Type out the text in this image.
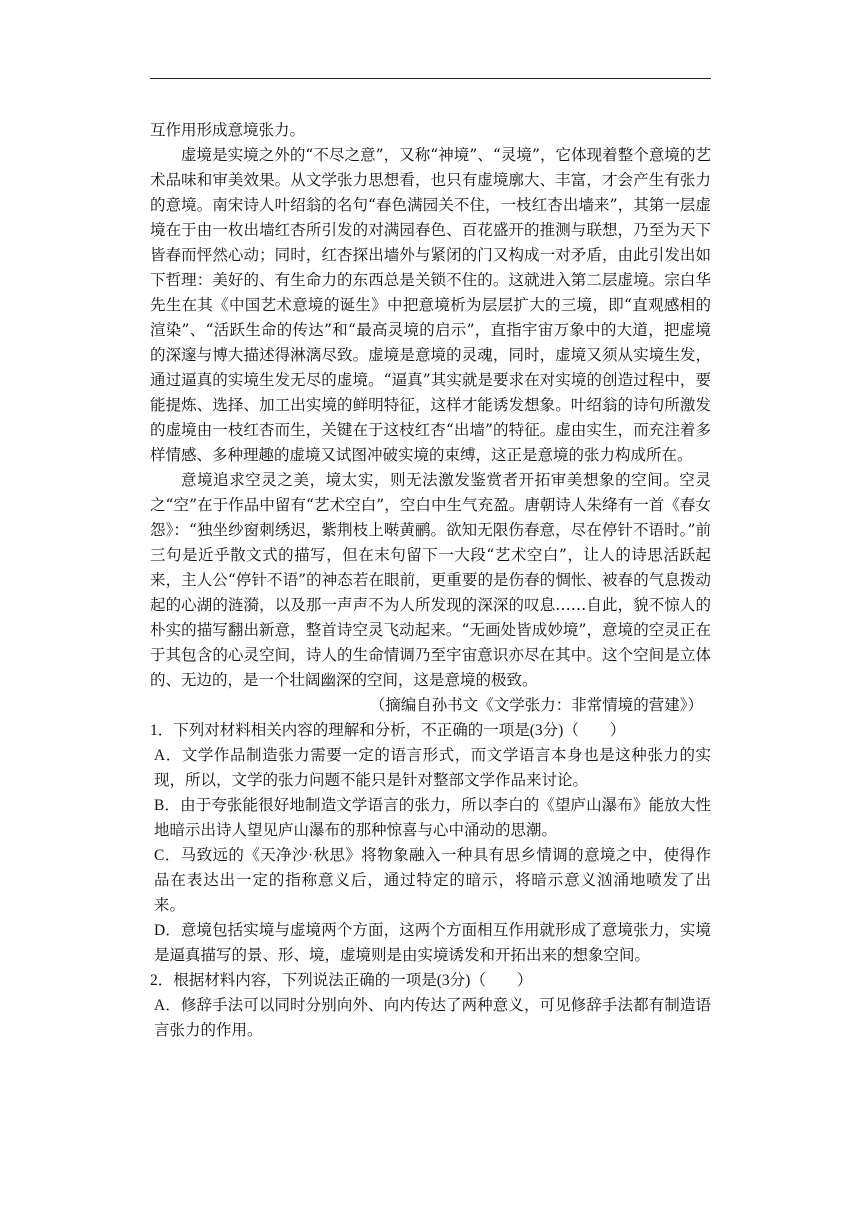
互作用形成意境张力。

虚境是实境之外的“不尽之意”，又称“神境”、“灵境”，它体现着整个意境的艺术品味和审美效果。从文学张力思想看，也只有虚境廓大、丰富，才会产生有张力的意境。南宋诗人叶绍翁的名句“春色满园关不住，一枝红杏出墙来”，其第一层虚境在于由一枚出墙红杏所引发的对满园春色、百花盛开的推测与联想，乃至为天下皆春而怦然心动；同时，红杏探出墙外与紧闭的门又构成一对矛盾，由此引发出如下哲理：美好的、有生命力的东西总是关锁不住的。这就进入第二层虚境。宗白华先生在其《中国艺术意境的诞生》中把意境析为层层扩大的三境，即“直观感相的渲染”、“活跃生命的传达”和“最高灵境的启示”，直指宇宙万象中的大道，把虚境的深邃与博大描述得淋漓尽致。虚境是意境的灵魂，同时，虚境又须从实境生发，通过逼真的实境生发无尽的虚境。“逼真”其实就是要求在对实境的创造过程中，要能提炼、选择、加工出实境的鲜明特征，这样才能诱发想象。叶绍翁的诗句所激发的虚境由一枝红杏而生，关键在于这枝红杏“出墙”的特征。虚由实生，而充注着多样情感、多种理趣的虚境又试图冲破实境的束缚，这正是意境的张力构成所在。

意境追求空灵之美，境太实，则无法激发鉴赏者开拓审美想象的空间。空灵之“空”在于作品中留有“艺术空白”，空白中生气充盈。唐朝诗人朱绛有一首《春女怨》：“独坐纱窗刺绣迟，紫荆枝上啭黄鹂。欲知无限伤春意，尽在停针不语时。”前三句是近乎散文式的描写，但在末句留下一大段“艺术空白”，让人的诗思活跃起来，主人公“停针不语”的神态若在眼前，更重要的是伤春的惆怅、被春的气息拨动起的心湖的涟漪，以及那一声声不为人所发现的深深的叹息……自此，貌不惊人的朴实的描写翻出新意，整首诗空灵飞动起来。“无画处皆成妙境”，意境的空灵正在于其包含的心灵空间，诗人的生命情调乃至宇宙意识亦尽在其中。这个空间是立体的、无边的，是一个壮阔幽深的空间，这是意境的极致。

（摘编自孙书文《文学张力：非常情境的营建》）

1．下列对材料相关内容的理解和分析，不正确的一项是(3分)（　　）

A．文学作品制造张力需要一定的语言形式，而文学语言本身也是这种张力的实现，所以，文学的张力问题不能只是针对整部文学作品来讨论。

B．由于夸张能很好地制造文学语言的张力，所以李白的《望庐山瀑布》能放大性地暗示出诗人望见庐山瀑布的那种惊喜与心中涌动的思潮。

C．马致远的《天净沙·秋思》将物象融入一种具有思乡情调的意境之中，使得作品在表达出一定的指称意义后，通过特定的暗示，将暗示意义汹涌地喷发了出来。

D．意境包括实境与虚境两个方面，这两个方面相互作用就形成了意境张力，实境是逼真描写的景、形、境，虚境则是由实境诱发和开拓出来的想象空间。

2．根据材料内容，下列说法正确的一项是(3分)（　　）

A．修辞手法可以同时分别向外、向内传达了两种意义，可见修辞手法都有制造语言张力的作用。
